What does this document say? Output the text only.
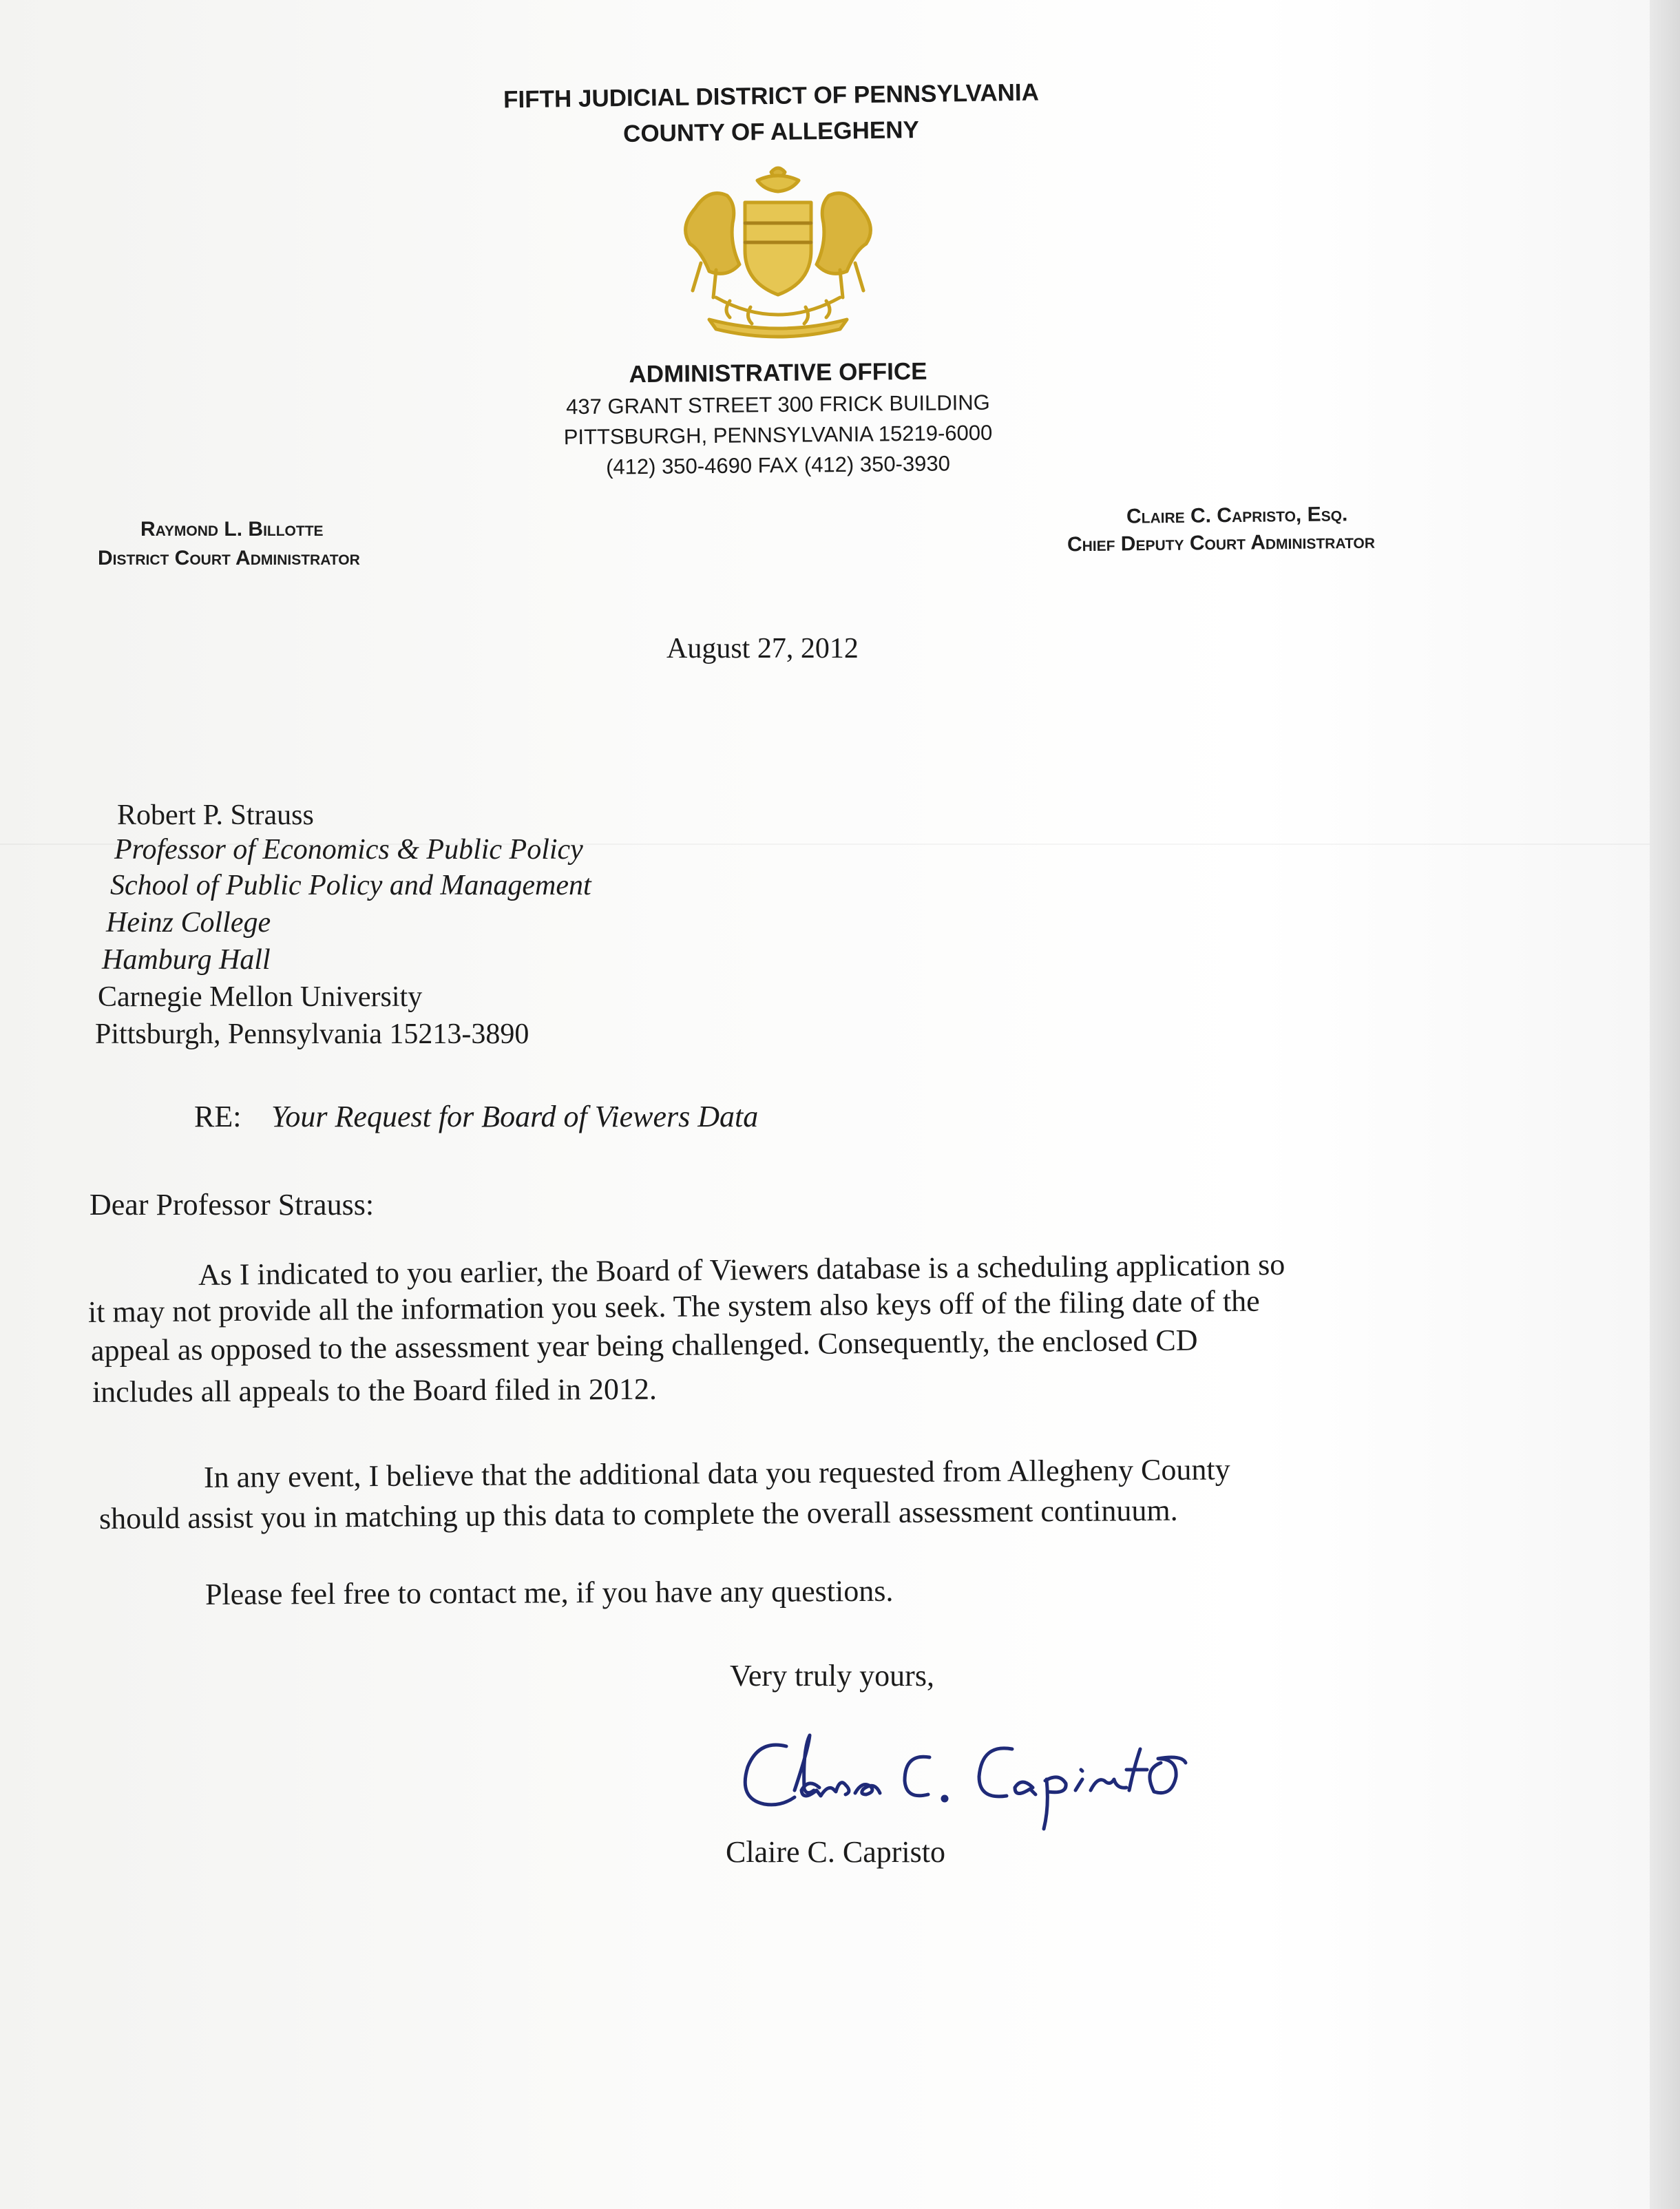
FIFTH JUDICIAL DISTRICT OF PENNSYLVANIA
COUNTY OF ALLEGHENY
ADMINISTRATIVE OFFICE
437 GRANT STREET 300 FRICK BUILDING
PITTSBURGH, PENNSYLVANIA 15219-6000
(412) 350-4690 FAX (412) 350-3930
Raymond L. Billotte
District Court Administrator
Claire C. Capristo, Esq.
Chief Deputy Court Administrator
August 27, 2012
Robert P. Strauss
Professor of Economics & Public Policy
School of Public Policy and Management
Heinz College
Hamburg Hall
Carnegie Mellon University
Pittsburgh, Pennsylvania 15213-3890
RE: Your Request for Board of Viewers Data
Dear Professor Strauss:
As I indicated to you earlier, the Board of Viewers database is a scheduling application so
it may not provide all the information you seek. The system also keys off of the filing date of the
appeal as opposed to the assessment year being challenged. Consequently, the enclosed CD
includes all appeals to the Board filed in 2012.
In any event, I believe that the additional data you requested from Allegheny County
should assist you in matching up this data to complete the overall assessment continuum.
Please feel free to contact me, if you have any questions.
Very truly yours,
Claire C. Capristo
